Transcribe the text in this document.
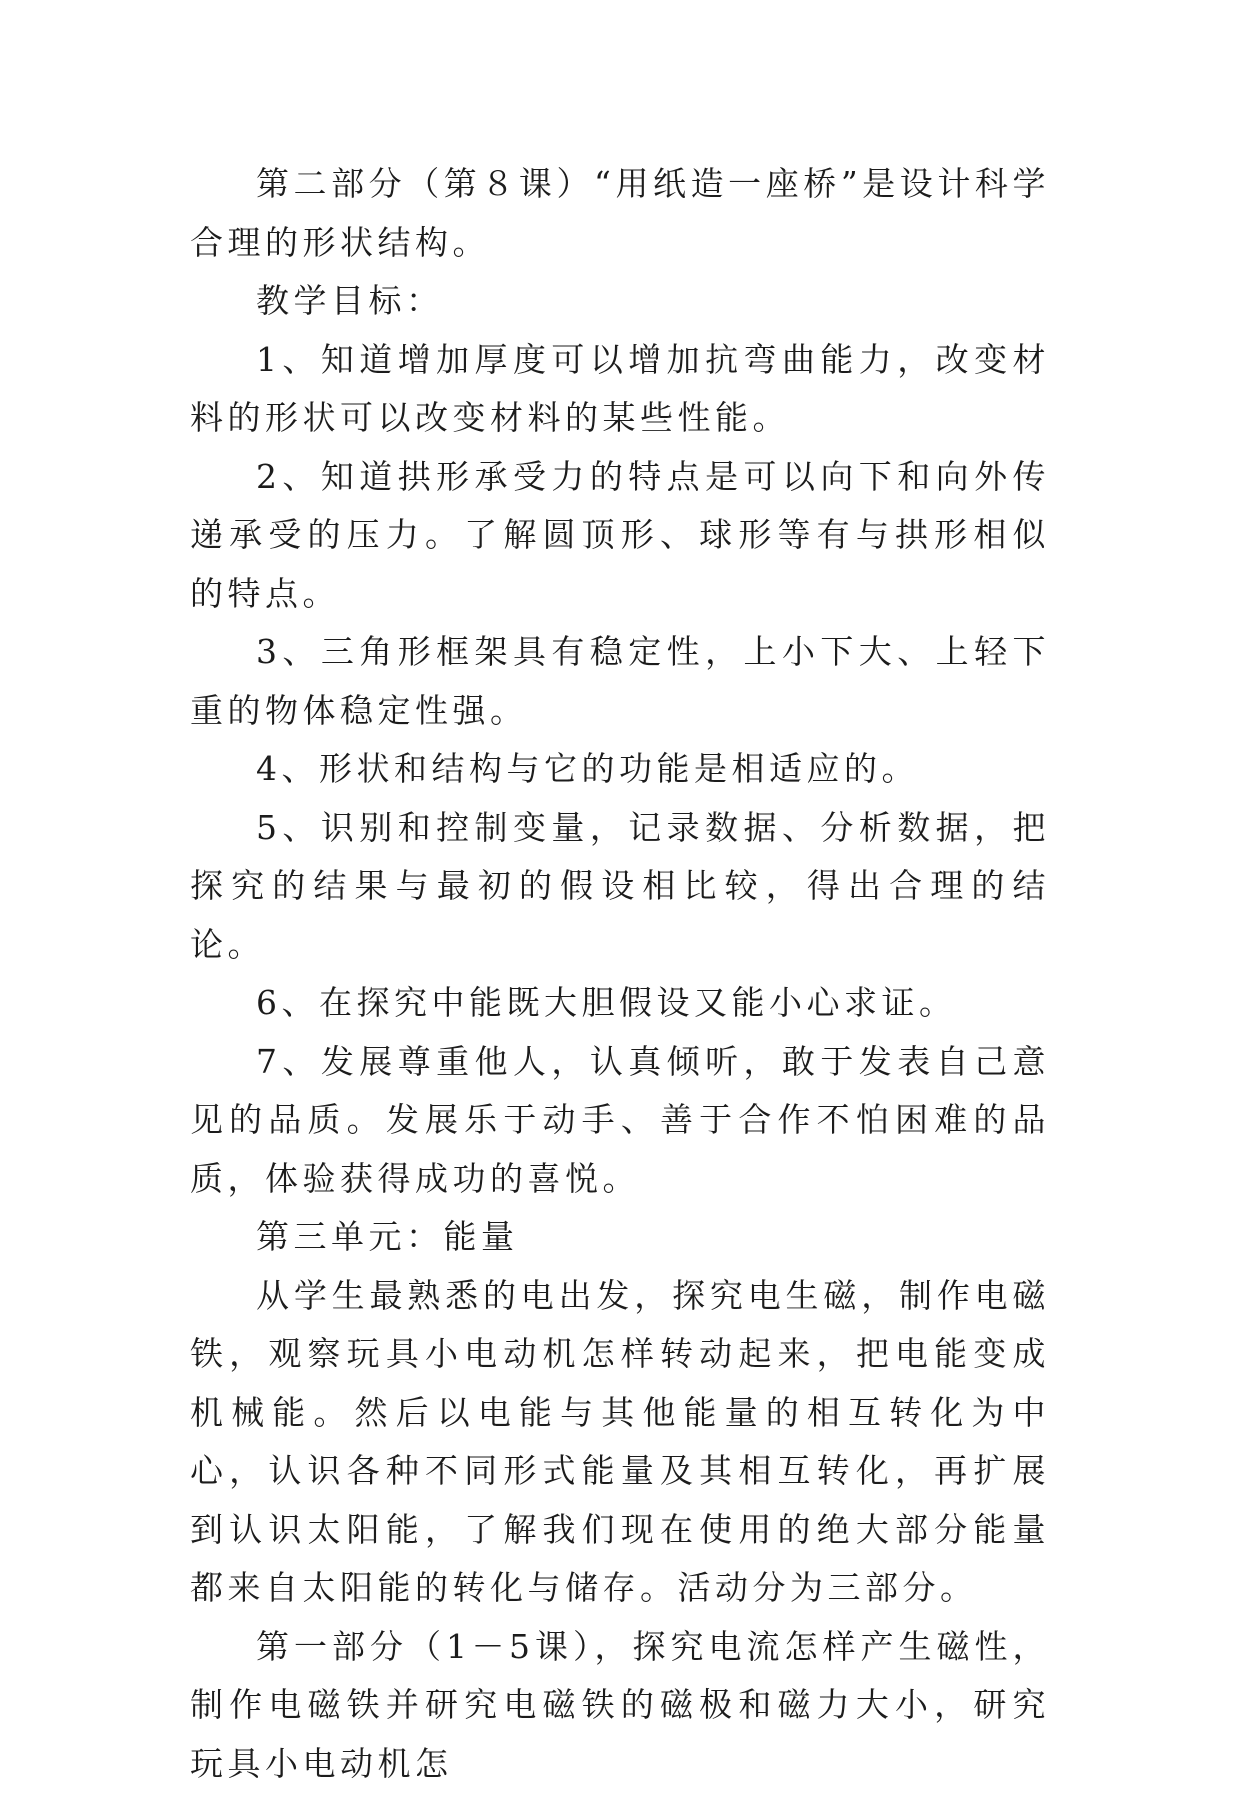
第二部分（第８课）“用纸造一座桥”是设计科学合理的形状结构。

教学目标：

1、知道增加厚度可以增加抗弯曲能力，改变材料的形状可以改变材料的某些性能。

2、知道拱形承受力的特点是可以向下和向外传递承受的压力。了解圆顶形、球形等有与拱形相似的特点。

3、三角形框架具有稳定性，上小下大、上轻下重的物体稳定性强。

4、形状和结构与它的功能是相适应的。

5、识别和控制变量，记录数据、分析数据，把探究的结果与最初的假设相比较，得出合理的结论。

6、在探究中能既大胆假设又能小心求证。

7、发展尊重他人，认真倾听，敢于发表自己意见的品质。发展乐于动手、善于合作不怕困难的品质，体验获得成功的喜悦。

第三单元：能量

从学生最熟悉的电出发，探究电生磁，制作电磁铁，观察玩具小电动机怎样转动起来，把电能变成机械能。然后以电能与其他能量的相互转化为中心，认识各种不同形式能量及其相互转化，再扩展到认识太阳能，了解我们现在使用的绝大部分能量都来自太阳能的转化与储存。活动分为三部分。

第一部分（1－5课），探究电流怎样产生磁性，制作电磁铁并研究电磁铁的磁极和磁力大小，研究玩具小电动机怎
